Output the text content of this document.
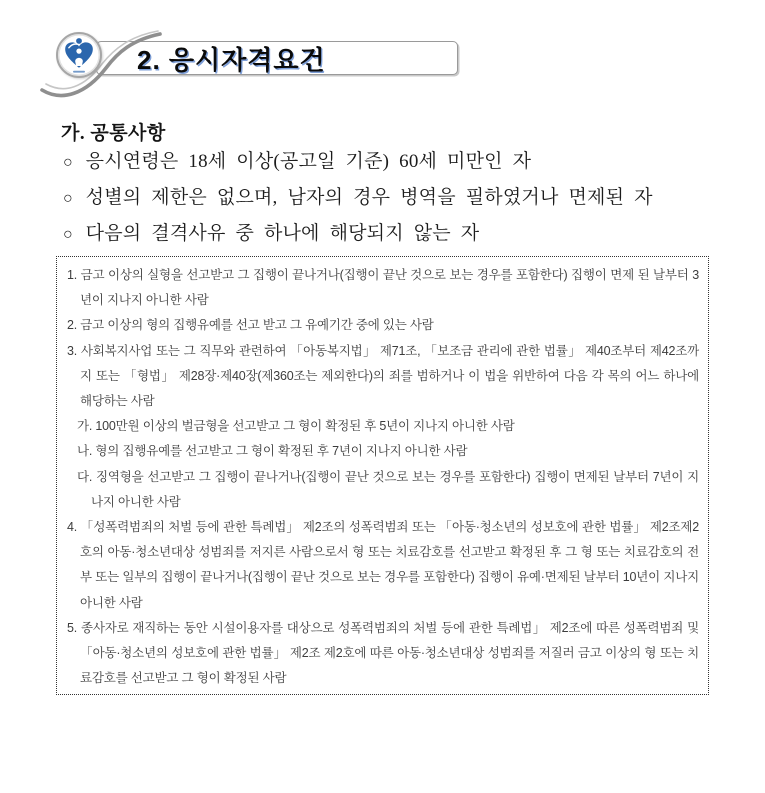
2. 응시자격요건
가. 공통사항
○ 응시연령은 18세 이상(공고일 기준) 60세 미만인 자
○ 성별의 제한은 없으며, 남자의 경우 병역을 필하였거나 면제된 자
○ 다음의 결격사유 중 하나에 해당되지 않는 자
1. 금고 이상의 실형을 선고받고 그 집행이 끝나거나(집행이 끝난 것으로 보는 경우를 포함한다) 집행이 면제 된 날부터 3년이 지나지 아니한 사람
2. 금고 이상의 형의 집행유예를 선고 받고 그 유예기간 중에 있는 사람
3. 사회복지사업 또는 그 직무와 관련하여 「아동복지법」 제71조, 「보조금 관리에 관한 법률」 제40조부터 제42조까지 또는 「형법」 제28장·제40장(제360조는 제외한다)의 죄를 범하거나 이 법을 위반하여 다음 각 목의 어느 하나에 해당하는 사람
가. 100만원 이상의 벌금형을 선고받고 그 형이 확정된 후 5년이 지나지 아니한 사람
나. 형의 집행유예를 선고받고 그 형이 확정된 후 7년이 지나지 아니한 사람
다. 징역형을 선고받고 그 집행이 끝나거나(집행이 끝난 것으로 보는 경우를 포함한다) 집행이 면제된 날부터 7년이 지나지 아니한 사람
4. 「성폭력범죄의 처벌 등에 관한 특례법」 제2조의 성폭력범죄 또는 「아동·청소년의 성보호에 관한 법률」 제2조제2호의 아동·청소년대상 성범죄를 저지른 사람으로서 형 또는 치료감호를 선고받고 확정된 후 그 형 또는 치료감호의 전부 또는 일부의 집행이 끝나거나(집행이 끝난 것으로 보는 경우를 포함한다) 집행이 유예·면제된 날부터 10년이 지나지 아니한 사람
5. 종사자로 재직하는 동안 시설이용자를 대상으로 성폭력범죄의 처벌 등에 관한 특례법」 제2조에 따른 성폭력범죄 및 「아동·청소년의 성보호에 관한 법률」 제2조 제2호에 따른 아동·청소년대상 성범죄를 저질러 금고 이상의 형 또는 치료감호를 선고받고 그 형이 확정된 사람
